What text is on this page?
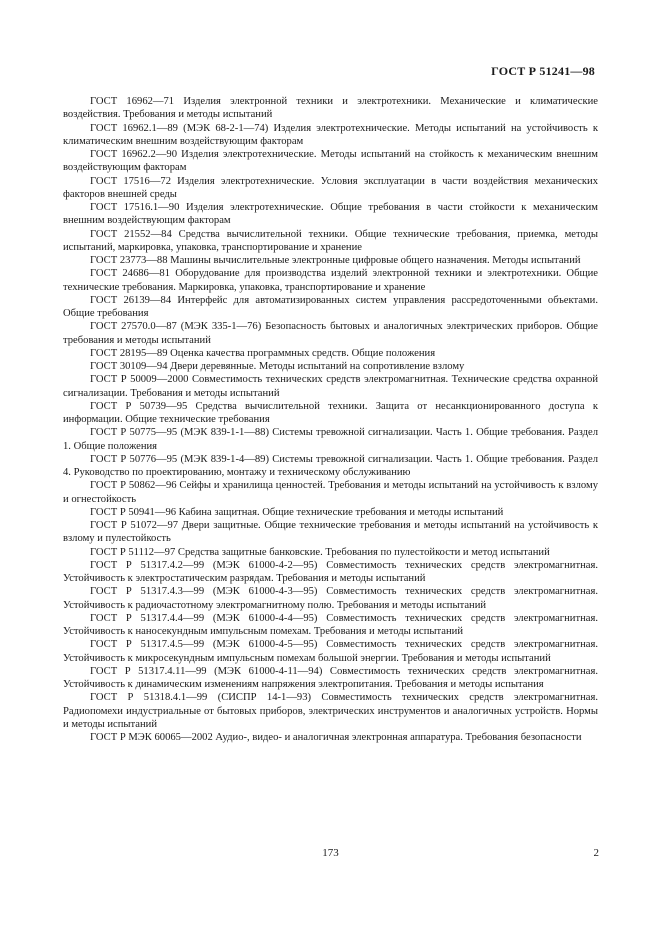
ГОСТ Р 51241—98

ГОСТ 16962—71 Изделия электронной техники и электротехники. Механические и климатические воздействия. Требования и методы испытаний

ГОСТ 16962.1—89 (МЭК 68-2-1—74) Изделия электротехнические. Методы испытаний на устойчивость к климатическим внешним воздействующим факторам

ГОСТ 16962.2—90 Изделия электротехнические. Методы испытаний на стойкость к механическим внешним воздействующим факторам

ГОСТ 17516—72 Изделия электротехнические. Условия эксплуатации в части воздействия механических факторов внешней среды

ГОСТ 17516.1—90 Изделия электротехнические. Общие требования в части стойкости к механическим внешним воздействующим факторам

ГОСТ 21552—84 Средства вычислительной техники. Общие технические требования, приемка, методы испытаний, маркировка, упаковка, транспортирование и хранение

ГОСТ 23773—88 Машины вычислительные электронные цифровые общего назначения. Методы испытаний

ГОСТ 24686—81 Оборудование для производства изделий электронной техники и электротехники. Общие технические требования. Маркировка, упаковка, транспортирование и хранение

ГОСТ 26139—84 Интерфейс для автоматизированных систем управления рассредоточенными объектами. Общие требования

ГОСТ 27570.0—87 (МЭК 335-1—76) Безопасность бытовых и аналогичных электрических приборов. Общие требования и методы испытаний

ГОСТ 28195—89 Оценка качества программных средств. Общие положения

ГОСТ 30109—94 Двери деревянные. Методы испытаний на сопротивление взлому

ГОСТ Р 50009—2000 Совместимость технических средств электромагнитная. Технические средства охранной сигнализации. Требования и методы испытаний

ГОСТ Р 50739—95 Средства вычислительной техники. Защита от несанкционированного доступа к информации. Общие технические требования

ГОСТ Р 50775—95 (МЭК 839-1-1—88) Системы тревожной сигнализации. Часть 1. Общие требования. Раздел 1. Общие положения

ГОСТ Р 50776—95 (МЭК 839-1-4—89) Системы тревожной сигнализации. Часть 1. Общие требования. Раздел 4. Руководство по проектированию, монтажу и техническому обслуживанию

ГОСТ Р 50862—96 Сейфы и хранилища ценностей. Требования и методы испытаний на устойчивость к взлому и огнестойкость

ГОСТ Р 50941—96 Кабина защитная. Общие технические требования и методы испытаний

ГОСТ Р 51072—97 Двери защитные. Общие технические требования и методы испытаний на устойчивость к взлому и пулестойкость

ГОСТ Р 51112—97 Средства защитные банковские. Требования по пулестойкости и метод испытаний

ГОСТ Р 51317.4.2—99 (МЭК 61000-4-2—95) Совместимость технических средств электромагнитная. Устойчивость к электростатическим разрядам. Требования и методы испытаний

ГОСТ Р 51317.4.3—99 (МЭК 61000-4-3—95) Совместимость технических средств электромагнитная. Устойчивость к радиочастотному электромагнитному полю. Требования и методы испытаний

ГОСТ Р 51317.4.4—99 (МЭК 61000-4-4—95) Совместимость технических средств электромагнитная. Устойчивость к наносекундным импульсным помехам. Требования и методы испытаний

ГОСТ Р 51317.4.5—99 (МЭК 61000-4-5—95) Совместимость технических средств электромагнитная. Устойчивость к микросекундным импульсным помехам большой энергии. Требования и методы испытаний

ГОСТ Р 51317.4.11—99 (МЭК 61000-4-11—94) Совместимость технических средств электромагнитная. Устойчивость к динамическим изменениям напряжения электропитания. Требования и методы испытания

ГОСТ Р 51318.4.1—99 (СИСПР 14-1—93) Совместимость технических средств электромагнитная. Радиопомехи индустриальные от бытовых приборов, электрических инструментов и аналогичных устройств. Нормы и методы испытаний

ГОСТ Р МЭК 60065—2002 Аудио-, видео- и аналогичная электронная аппаратура. Требования безопасности

173	2
